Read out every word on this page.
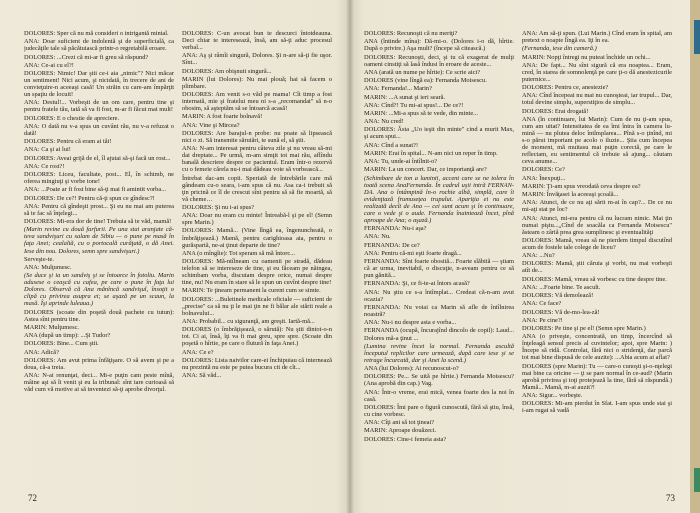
DOLORES: Sper că nu mă consideri o intrigantă mintal.

ANA: Doar suficient de indolentă şi de superficială, ca judecăţile tale să păcătuiască printr-o regretabilă eroare.

DOLORES: ...Crezi că mi-ar fi greu să răspund?

ANA: Ce-ai cu el?!

DOLORES: Nimic! Dar ştii ce-i aia „nimic"? Nici măcar un sentiment! Nici acum, şi nicidată, în trecere de ani de convieţuire-n aceeaşi casă! Un străin cu care-am împărţit un spaţiu de locuit!

ANA: Destul!... Vorbeşti de un om care, pentru tine şi pentru fratele tău, tată să va fi fost, m-ar fi făcut mai mult!

DOLORES: E o chestie de apreciere.

ANA: O dată nu v-a spus un cuvânt rău, nu v-a refuzat o dată!

DOLORES: Pentru că eram ai tăi!

ANA: Ca şi ai lui!

DOLORES: Aveai grijă de el, îl ajutai să-şi facă un rost...

ANA: Ce rost?!

DOLORES: Liceu, facultate, post... El, în schimb, ne oferea mingiuţi şi vorbe tone!

ANA: ...Poate ar fi fost bine să-ţi mai fi amintit vorba...

DOLORES: De ce?! Pentru că-ţi spun ce gîndesc?!

ANA: Pentru că gîndeşti prost... Şi eu nu mai am puterea să te fac să înţelegi...

DOLORES: Mi-era dor de tine! Trebuia să te văd, mamă!

(Marin revine cu două farfurii. Pe una stai aranjate căteva sandvişuri cu salam de Sibiu — o pune pe masă în faţa Anei; cealaltă, cu o portocală curăţată, o dă Anei. Iese din nou. Dolores, semn spre sandvişuri.)

Serveşte-te.

ANA: Mulţumesc.

(Se duce şi ia un sandviş şi se întoarce în fotoliu. Marin adusese o ceaşcă cu cafea, pe care o pune în faţa lui Dolores. Observă că Ana mănîncă sandvişul, însoţit o clipă cu privirea asupra ei; se aşază pe un scaun, la masă. Îşi aprinde luleaua.)

DOLORES (scoate din poşetă două pachete cu tutun): Astea sînt pentru tine.

MARIN: Mulţumesc.

ANA (după un timp): ...Şi Tudor?

DOLORES: Bine... Cum ştii.

ANA: Adică?

DOLORES: Am avut prima înfăţişare. O să avem şi pe a doua, că-a treia.

ANA: N-ai renunţat, deci... Mi-e puţin cam peste mînă, mâine aşi să îi venit şi eu la tribunal: sînt tare curioasă să văd cum vă motive ai să inventezi să-ţi aprobe divorţul.

DOLORES: C-un avocat bun te descurci întotdeauna. Deci chiar te interesează, însă, am să-ţi aduc procesul verbal...

ANA: Aş şi râmîi singură, Dolores. Şi n-are să-ţi fie uşor. Sînt...

DOLORES: Am obişnuit singură...

MARIN (lui Dolores): Nu mai plouă; hai să facem o plimbare.

DOLORES: Am venit s-o văd pe mama! Cît timp a fost internată, mie şi fratelui meu ni s-a „recomandat" să n-o obosim, să aşteptăm să se întoarcă acasă!

MARIN: A fost foarte bolnavă!

ANA: Vine şi Mircea?

DOLORES: Are barajul-n probe: nu poate să lipsească nici o zi. Să transmite sărutări, te sună el, să ştii.

ANA: N-am interesat pentru câteva zile şi nu vreau să-mi dai dreptate... Pe urmă, m-am simţit tot mai rău, aflîndu banală descriere despre ce pacientul. Eram într-o rezervă cu o femeie cărela nu-i mai dădeau voie să vorbească...

Întrebat dac-am copii. Speriată de întrebările care mă gândeam cu-o seara, i-am spus că nu. Asa ca-i trebuit să ţin pricină ce îl de crescut sînt pentru să să fie moartă, să vă cheme…

DOLORES: Şi nu i-ai spus?

ANA: Doar nu eram cu minte! Întreabă-l şi pe el! (Semn spre Marin.)

DOLORES: Mamă... (Vine lîngă ea, îngenuncheată, o îmbrăţişează.) Mamă, pentru carighioasa aia, pentru o gurăspartă, ne-ai ţinut departe de tine?

ANA (o mîngîie): Tot speram să mă întorc...

DOLORES: Mă-ntîlneam cu oamenii pe stradă, dădeau telefon să se intereseze de tine, şi eu făceam pe năingea, schimbam vorba, discutam despre orice, numai despre tine, nu! Nu eram în stare să le spun un cuvînt despre tine!

MARIN: Te ţineam permanent la curent cum se simte.

DOLORES: ...Buletinele medicale oficiale — suficient de „precise" ca să nu ţi le mai ţin ne fi bălar ale stării reale a bolnavului...

ANA: Probabil... cu siguranţă, am greşit. Iartă-mă...

DOLORES (o îmbrăţişează, o sărută): Nu ştii dintot-o-n tot. Ci ai, însă, îţi va fi mai greu, spre spre. (Scoate din poşetă o hîrtie, pe care o flutură în faţa Anei.)

ANA: Ce e?

DOLORES: Lista naivilor care-ei închipuiau că internează nu prezintă nu este pe putea bucura cit de cît...

ANA: Să văd...

72

DOLORES: Recunoşti că nu meriţi?

ANA (întinde mîna): Dă-mi-o. (Dolores i-o dă, hîrtie. După o privire.) Aşa mult? (începe să citească.)

DOLORES: Recunoşti, deci, şi tu că exagerat de mulţi oameni cinstiţi să lasă îndusi în eroare de aceste...

ANA (arată un nume pe hîrtie): Ce scrie aici?

DOLORES (vine lîngă ea): Fernanda Moisescu.

ANA: Fernanda!... Marin?

MARIN: ...A sunat şi ieri seară.

ANA: Cînd?! Tu mi-ai spus!... De ce?!

MARIN: ...Mi-a spus să te vede, din minte...

ANA: Nu cred!

DOLORES: Ăsta „Uo ieşit din minte" cind a murit Max, şi acum spui...

ANA: Cînd a sunat?!

MARIN: Erai în spital... N-am nici un reper în timp.

ANA: Tu, unde-ai întîlnit-o?

MARIN: La un concert. Dar, ce importanţă are?

(Schimbare de ton a luminii, accent care se ne tolera în toată scena AnaFernanda. În cadrul uşii intră FERNANDA. Ana o întâmpină în-o rochie albă, simplă, care îi evidenţiază frumuseţea trupului. Apariţia ei nu este realizată decît de Ana — cei sunt acum şi în continuare, care o vede şi o aude. Fernanda înaintează încet, pînă aproape de Ana; o aşază.)

FERNANDA: Nu-i aşa?

ANA: Nu.

FERNANDA: De ce?

ANA: Pentru că-mi eşti foarte dragă...

FERNANDA: Sînt foarte obosită... Foarte slăbită — ştiam că ar urma, inevitabil, o discuţie, n-aveam pentru ce să pun gănită...

FERNANDA: Şi, ce fi-te-ai întors acasă?

ANA: Nu ştiu ce s-a întîmplat... Credeai că-n-am avut ocazia?

FERNANDA: Nu voiai ca Marin să afle de întîlnirea noastră?

ANA: Nu-i nu despre asta e vorba...

FERNANDA (ocupă, încurajînd dincolo de copil): Laud... Dolores mă-a ţinut ...

(Lumina revine încet la normal. Fernanda ascultă începutul replicilor care urmează, după care iese şi se retrage încurcată, dar şi Anei la scenă.)

ANA (lui Dolores): Ai recunoscut-o?

DOLORES: Pe... Se uită pe hîrtie.) Fernanda Moisescu? (Ana aprobă din cap.) Vag.

ANA: Într-o vreme, erai mică, venea foarte des la noi în casă.

DOLORES: Îmi pare o figură cunoscută, fără să ştiu, însă, cu cine vorbesc.

ANA: Cîţi ani să tot ţineai?

MARIN: Aproape douăzeci.

DOLORES: Cine-i femeia asta?

ANA: Am să-ţi spun. (Lui Marin.) Cînd eram în spital, am pretext o noapte lîngă ea. Iţi în ea.

(Fernanda, iese din cameră.)

MARIN: Nopţi întregi nu puteai închide un ochi...

ANA: De fapt... Nu sînt sigură că era noaptea... Eram, cred, în starea de somnolenţă pe care ţi-o dă anestezicurile puternice...

DOLORES: Pentru ce, anestezie?

ANA: Cînd începeai nu mai nu cunoşteai, iar trupul... Dar, totul devine simplu, superstiţios de simplu...

DOLORES: Erai drogată!

ANA (în continuare, lui Marin): Cum de nu ţi-am spus, cum am uitat? Intensitatea de ea îmi întra în camera lumină — nu plutea deloc întîmplarea... Pînă s-o ţinînd, mi s-o părut important pe acolo o iluzie... Ştia cum începea de moment, mă muitasu mai puţin corectă, pe care le reflectam, eu sentimentul că trebuie să ajung... căutam ceva anume...

DOLORES: Ce?

ANA: Înexpuţi...

MARIN: Ţi-am spus vreodată ceva despre ea?

MARIN: Învăţasei la aceeaşi şcoală...

ANA: Atunci, de ce nu aţi sărit m-ai în cap?... De ce nu mi-aţi stat pe loc?

ANA: Atunci, mi-era pentru că nu lucram nimic. Mai ţin numai piştu...„Cînd de soacăla ca Fernanda Moisescu" ăsteam o zâriă prea grea sumplinesc şi eventualităţi

DOLORES: Mamă, vreau să ne pierdem timpul discutînd acum de fostele tale colege de liceu?

ANA: ...Nu?

DOLORES: Mamă, ştii căruia şi vorbi, nu mai vorbeşti atît de...

DOLORES: Mamă, vreau să vorbesc cu tine despre tine.

ANA: ...Foarte bine. Te ascult.

DOLORES: Vă demolează!

ANA: Ce face?

DOLORES: Vă de-mo-lea-ză!

ANA: Pe cine?!

DOLORES: Pe tine şi pe el! (Semn spre Marin.)

ANA (o priveşte, concentrată, un timp, încercînd să înţeleagă sensul precis al cuvintelor; apoi, spre Marin: ) Începe să ridă. Controlat, fără nici o stridenţă, dar parcă tot mai bine dispusă de cele auzite): ...Abia acum ai aflat?

DOLORES (spre Marin): Tu — care-o cunoşti şi-o-nţelegi mai bine ca oricine — ţi se pare normal în ce-aud? (Marin aprobă privirea şi toţi protejează la tine, fără să răspundă.) Mamă... Mamă, m-ai auzit?!

ANA: Sigur... vorbeşte.

DOLORES: Mi-am pierdut în Sfat. I-am spus unde stai şi i-am rugat să vadă

73
